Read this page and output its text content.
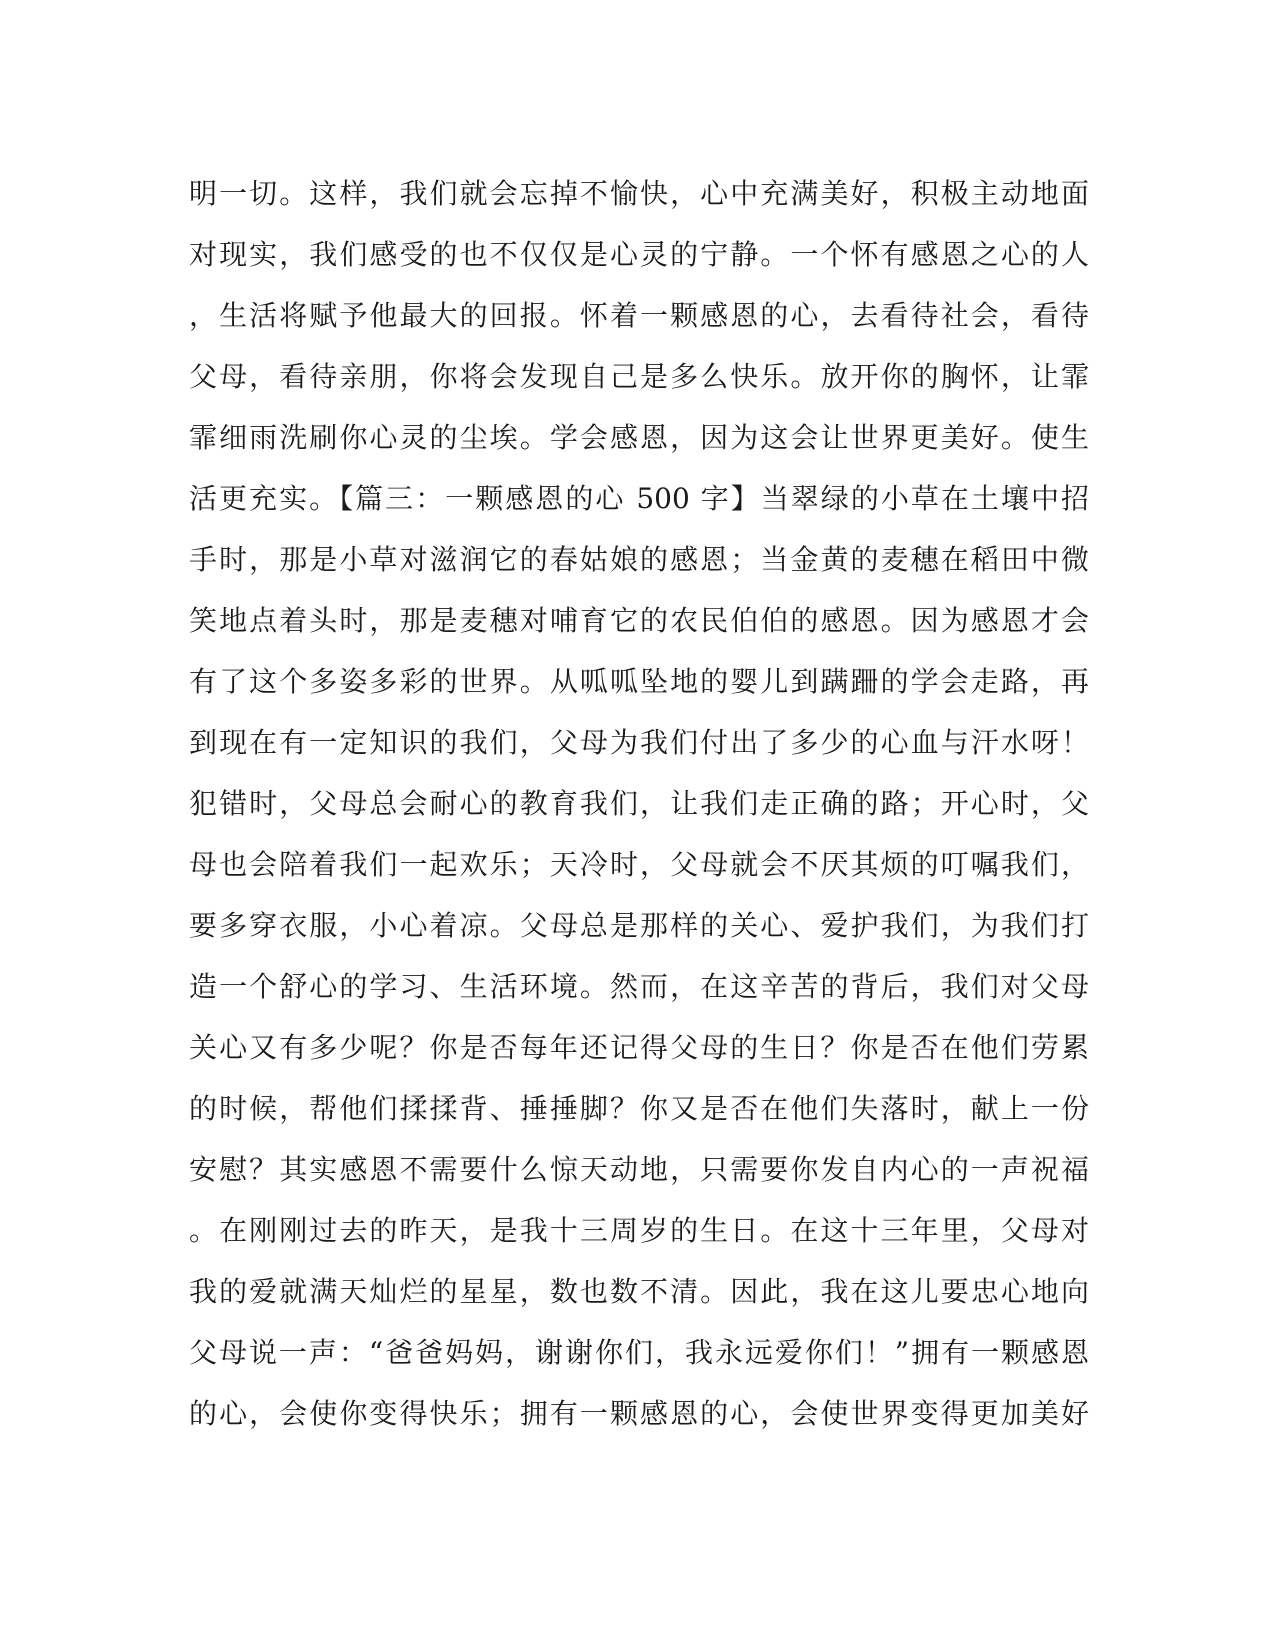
明一切。这样，我们就会忘掉不愉快，心中充满美好，积极主动地面
对现实，我们感受的也不仅仅是心灵的宁静。一个怀有感恩之心的人
，生活将赋予他最大的回报。怀着一颗感恩的心，去看待社会，看待
父母，看待亲朋，你将会发现自己是多么快乐。放开你的胸怀，让霏
霏细雨洗刷你心灵的尘埃。学会感恩，因为这会让世界更美好。使生
活更充实。【篇三：一颗感恩的心 500 字】当翠绿的小草在土壤中招
手时，那是小草对滋润它的春姑娘的感恩；当金黄的麦穗在稻田中微
笑地点着头时，那是麦穗对哺育它的农民伯伯的感恩。因为感恩才会
有了这个多姿多彩的世界。从呱呱坠地的婴儿到蹒跚的学会走路，再
到现在有一定知识的我们，父母为我们付出了多少的心血与汗水呀！
犯错时，父母总会耐心的教育我们，让我们走正确的路；开心时，父
母也会陪着我们一起欢乐；天冷时，父母就会不厌其烦的叮嘱我们，
要多穿衣服，小心着凉。父母总是那样的关心、爱护我们，为我们打
造一个舒心的学习、生活环境。然而，在这辛苦的背后，我们对父母
关心又有多少呢？你是否每年还记得父母的生日？你是否在他们劳累
的时候，帮他们揉揉背、捶捶脚？你又是否在他们失落时，献上一份
安慰？其实感恩不需要什么惊天动地，只需要你发自内心的一声祝福
。在刚刚过去的昨天，是我十三周岁的生日。在这十三年里，父母对
我的爱就满天灿烂的星星，数也数不清。因此，我在这儿要忠心地向
父母说一声：“爸爸妈妈，谢谢你们，我永远爱你们！”拥有一颗感恩
的心，会使你变得快乐；拥有一颗感恩的心，会使世界变得更加美好
